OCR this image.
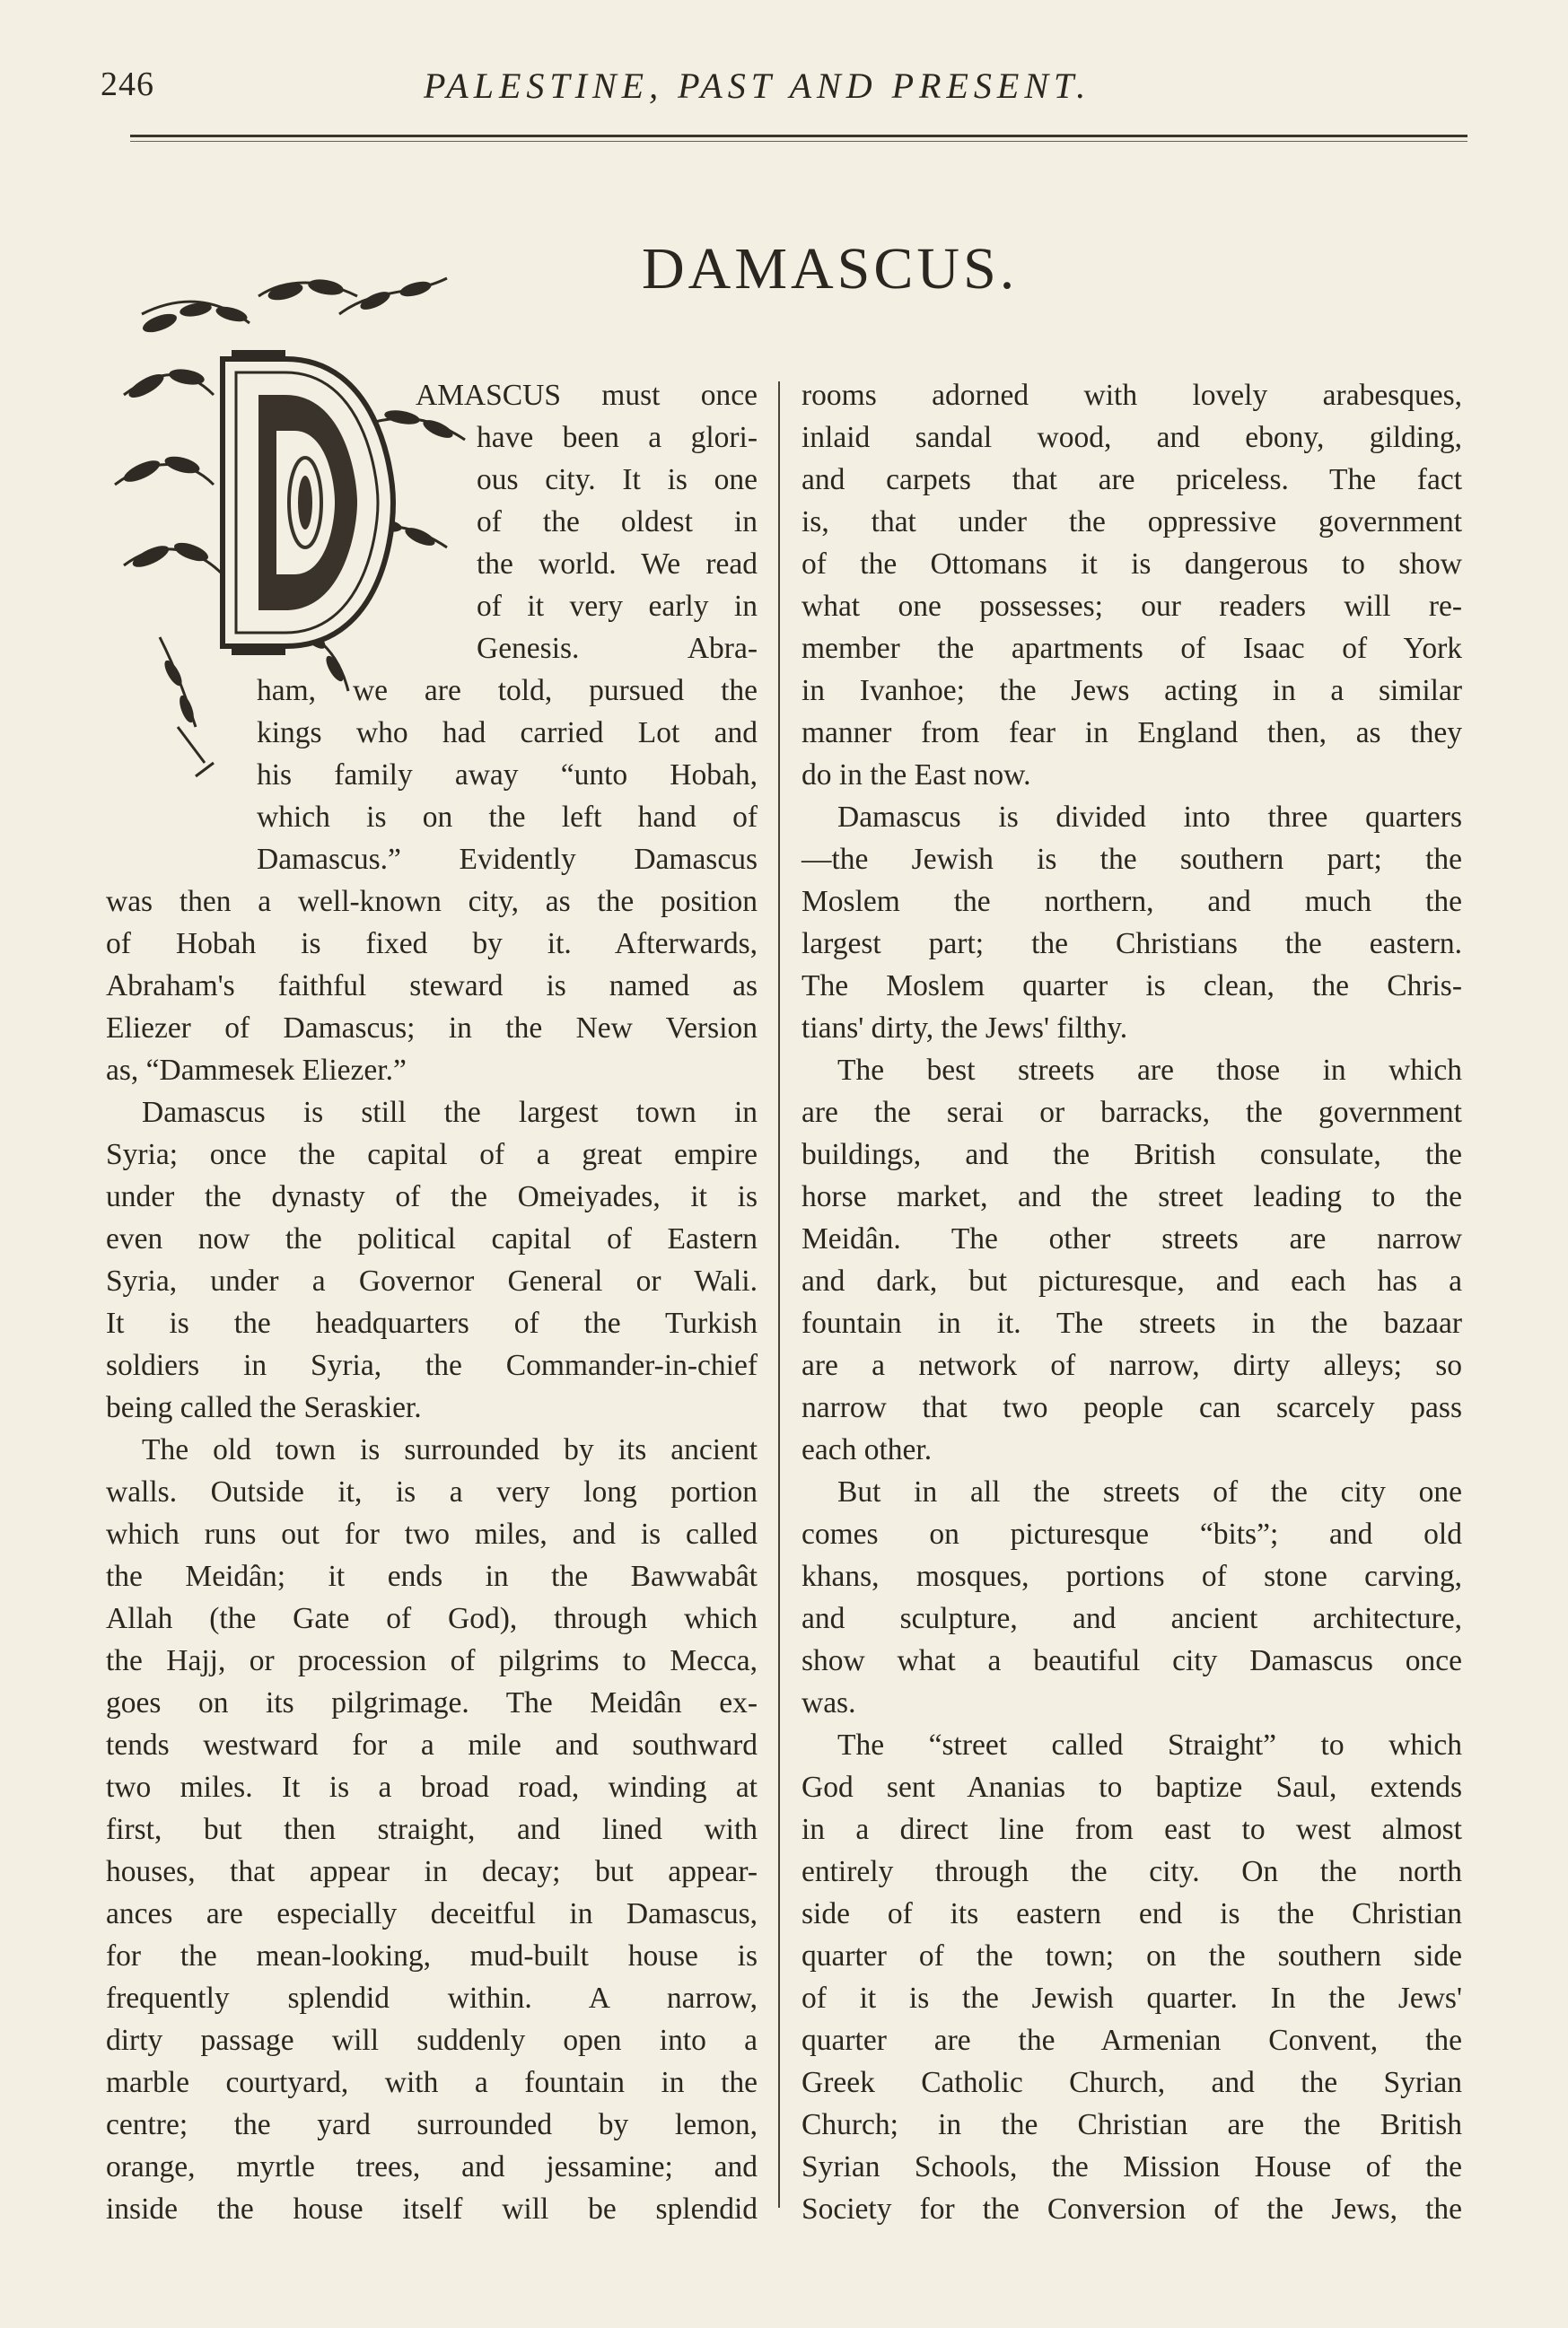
246	PALESTINE, PAST AND PRESENT.
DAMASCUS.
AMASCUS must once
have been a glori-
ous city. It is one
of the oldest in
the world. We read
of it very early in
Genesis. Abra-
ham, we are told, pursued the
kings who had carried Lot and
his family away “unto Hobah,
which is on the left hand of
Damascus.” Evidently Damascus
was then a well-known city, as the position
of Hobah is fixed by it. Afterwards,
Abraham's faithful steward is named as
Eliezer of Damascus; in the New Version
as, “Dammesek Eliezer.”
Damascus is still the largest town in
Syria; once the capital of a great empire
under the dynasty of the Omeiyades, it is
even now the political capital of Eastern
Syria, under a Governor General or Wali.
It is the headquarters of the Turkish
soldiers in Syria, the Commander-in-chief
being called the Seraskier.
The old town is surrounded by its ancient
walls. Outside it, is a very long portion
which runs out for two miles, and is called
the Meidân; it ends in the Bawwabât
Allah (the Gate of God), through which
the Hajj, or procession of pilgrims to Mecca,
goes on its pilgrimage. The Meidân ex-
tends westward for a mile and southward
two miles. It is a broad road, winding at
first, but then straight, and lined with
houses, that appear in decay; but appear-
ances are especially deceitful in Damascus,
for the mean-looking, mud-built house is
frequently splendid within. A narrow,
dirty passage will suddenly open into a
marble courtyard, with a fountain in the
centre; the yard surrounded by lemon,
orange, myrtle trees, and jessamine; and
inside the house itself will be splendid
rooms adorned with lovely arabesques,
inlaid sandal wood, and ebony, gilding,
and carpets that are priceless. The fact
is, that under the oppressive government
of the Ottomans it is dangerous to show
what one possesses; our readers will re-
member the apartments of Isaac of York
in Ivanhoe; the Jews acting in a similar
manner from fear in England then, as they
do in the East now.
Damascus is divided into three quarters
—the Jewish is the southern part; the
Moslem the northern, and much the
largest part; the Christians the eastern.
The Moslem quarter is clean, the Chris-
tians' dirty, the Jews' filthy.
The best streets are those in which
are the serai or barracks, the government
buildings, and the British consulate, the
horse market, and the street leading to the
Meidân. The other streets are narrow
and dark, but picturesque, and each has a
fountain in it. The streets in the bazaar
are a network of narrow, dirty alleys; so
narrow that two people can scarcely pass
each other.
But in all the streets of the city one
comes on picturesque “bits”; and old
khans, mosques, portions of stone carving,
and sculpture, and ancient architecture,
show what a beautiful city Damascus once
was.
The “street called Straight” to which
God sent Ananias to baptize Saul, extends
in a direct line from east to west almost
entirely through the city. On the north
side of its eastern end is the Christian
quarter of the town; on the southern side
of it is the Jewish quarter. In the Jews'
quarter are the Armenian Convent, the
Greek Catholic Church, and the Syrian
Church; in the Christian are the British
Syrian Schools, the Mission House of the
Society for the Conversion of the Jews, the
